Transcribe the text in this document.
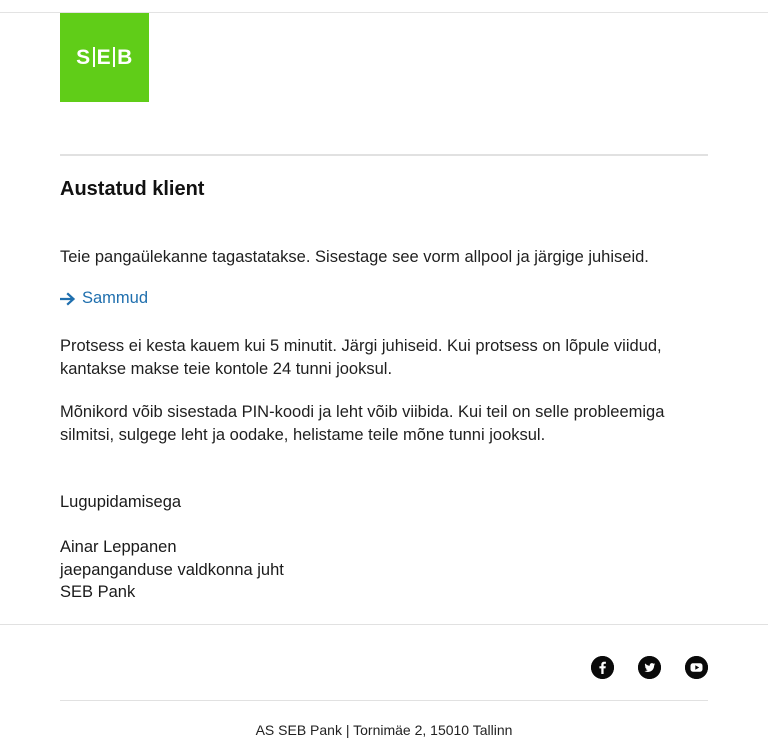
S E B
Austatud klient

Teie pangaülekanne tagastatakse. Sisestage see vorm allpool ja järgige juhiseid.

Sammud

Protsess ei kesta kauem kui 5 minutit. Järgi juhiseid. Kui protsess on lõpule viidud, kantakse makse teie kontole 24 tunni jooksul.

Mõnikord võib sisestada PIN-koodi ja leht võib viibida. Kui teil on selle probleemiga silmitsi, sulgege leht ja oodake, helistame teile mõne tunni jooksul.

Lugupidamisega

Ainar Leppanen
jaepanganduse valdkonna juht
SEB Pank
AS SEB Pank | Tornimäe 2, 15010 Tallinn
